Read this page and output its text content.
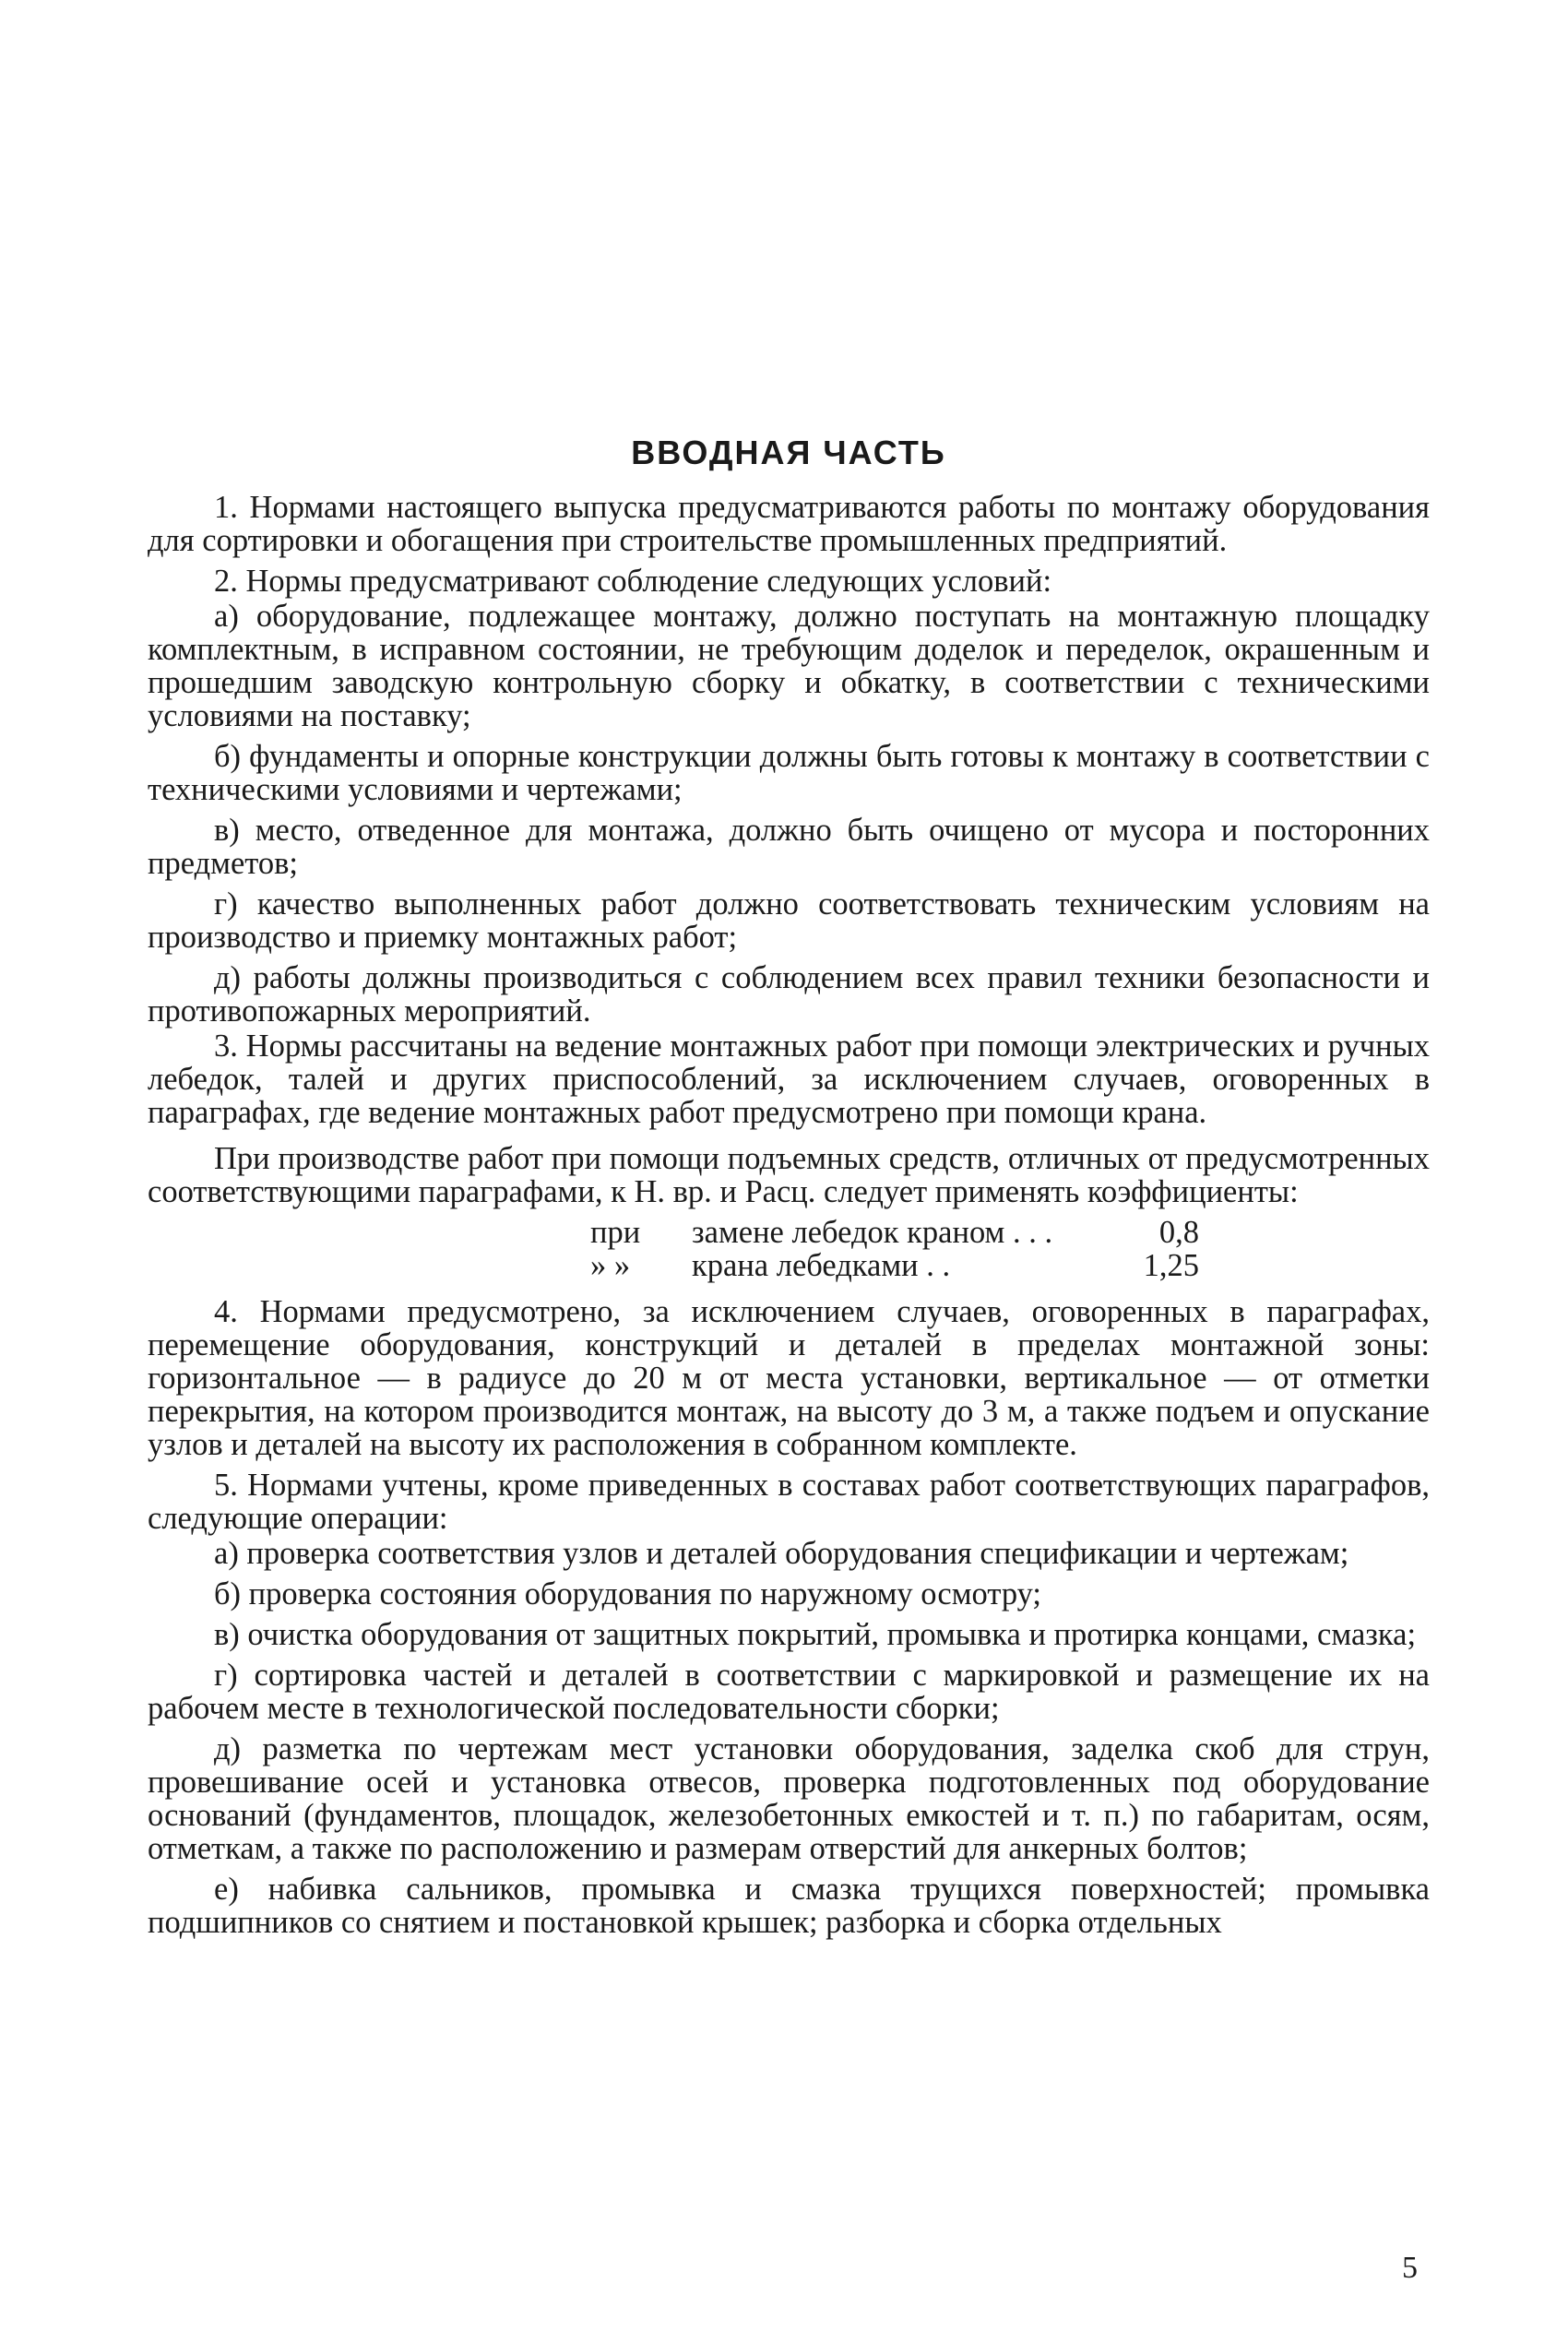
ВВОДНАЯ ЧАСТЬ

1. Нормами настоящего выпуска предусматриваются работы по монтажу оборудования для сортировки и обогащения при строительстве промышленных предприятий.

2. Нормы предусматривают соблюдение следующих условий:

а) оборудование, подлежащее монтажу, должно поступать на монтажную площадку комплектным, в исправном состоянии, не требующим доделок и переделок, окрашенным и прошедшим заводскую контрольную сборку и обкатку, в соответствии с техническими условиями на поставку;

б) фундаменты и опорные конструкции должны быть готовы к монтажу в соответствии с техническими условиями и чертежами;

в) место, отведенное для монтажа, должно быть очищено от мусора и посторонних предметов;

г) качество выполненных работ должно соответствовать техническим условиям на производство и приемку монтажных работ;

д) работы должны производиться с соблюдением всех правил техники безопасности и противопожарных мероприятий.

3. Нормы рассчитаны на ведение монтажных работ при помощи электрических и ручных лебедок, талей и других приспособлений, за исключением случаев, оговоренных в параграфах, где ведение монтажных работ предусмотрено при помощи крана.

При производстве работ при помощи подъемных средств, отличных от предусмотренных соответствующими параграфами, к Н. вр. и Расц. следует применять коэффициенты:

при	замене лебедок краном . . .	0,8
» »	крана лебедками . .	1,25

4. Нормами предусмотрено, за исключением случаев, оговоренных в параграфах, перемещение оборудования, конструкций и деталей в пределах монтажной зоны: горизонтальное — в радиусе до 20 м от места установки, вертикальное — от отметки перекрытия, на котором производится монтаж, на высоту до 3 м, а также подъем и опускание узлов и деталей на высоту их расположения в собранном комплекте.

5. Нормами учтены, кроме приведенных в составах работ соответствующих параграфов, следующие операции:

а) проверка соответствия узлов и деталей оборудования спецификации и чертежам;

б) проверка состояния оборудования по наружному осмотру;

в) очистка оборудования от защитных покрытий, промывка и протирка концами, смазка;

г) сортировка частей и деталей в соответствии с маркировкой и размещение их на рабочем месте в технологической последовательности сборки;

д) разметка по чертежам мест установки оборудования, заделка скоб для струн, провешивание осей и установка отвесов, проверка подготовленных под оборудование оснований (фундаментов, площадок, железобетонных емкостей и т. п.) по габаритам, осям, отметкам, а также по расположению и размерам отверстий для анкерных болтов;

е) набивка сальников, промывка и смазка трущихся поверхностей; промывка подшипников со снятием и постановкой крышек; разборка и сборка отдельных

5
